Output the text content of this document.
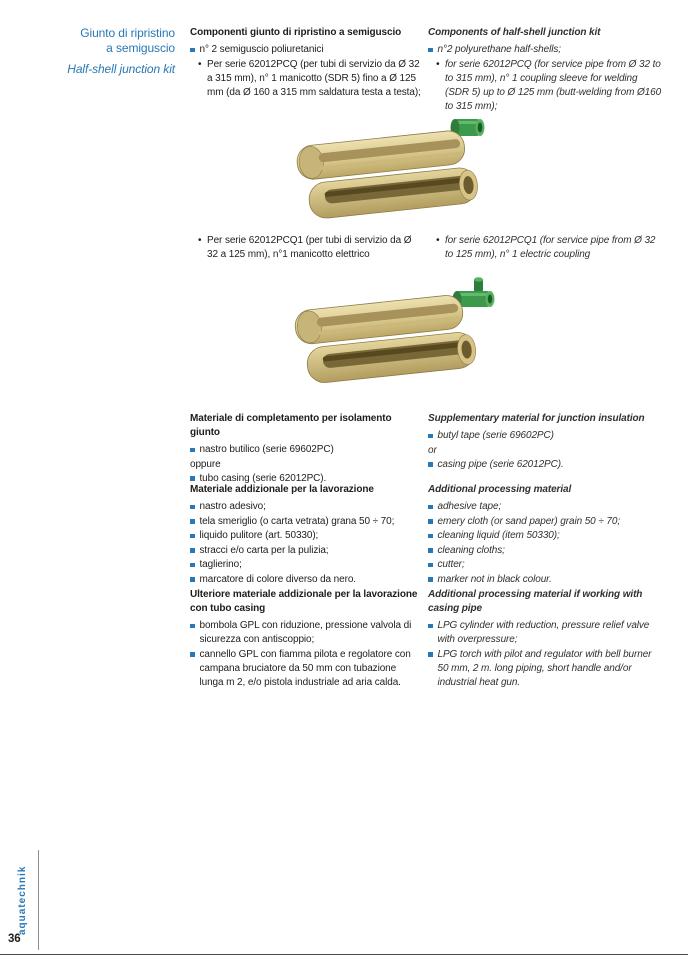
Giunto di ripristino
a semiguscio
Half-shell junction kit
Componenti giunto di ripristino a semiguscio
n° 2 semiguscio poliuretanici
• Per serie 62012PCQ (per tubi di servizio da Ø 32 a 315 mm), n° 1 manicotto (SDR 5) fino a Ø 125 mm (da Ø 160 a 315 mm saldatura testa a testa);
Components of half-shell junction kit
n°2 polyurethane half-shells;
• for serie 62012PCQ (for service pipe from Ø 32 to to 315 mm), n° 1 coupling sleeve for welding (SDR 5) up to Ø 125 mm (butt-welding from Ø160 to 315 mm);
• Per serie 62012PCQ1 (per tubi di servizio da Ø 32 a 125 mm), n°1 manicotto elettrico
• for serie 62012PCQ1 (for service pipe from Ø 32 to 125 mm), n° 1 electric coupling
Materiale di completamento per isolamento giunto
nastro butilico (serie 69602PC)
oppure
tubo casing (serie 62012PC).
Supplementary material for junction insulation
butyl tape (serie 69602PC)
or
casing pipe (serie 62012PC).
Materiale addizionale per la lavorazione
nastro adesivo;
tela smeriglio (o carta vetrata) grana 50 ÷ 70;
liquido pulitore (art. 50330);
stracci e/o carta per la pulizia;
taglierino;
marcatore di colore diverso da nero.
Additional processing material
adhesive tape;
emery cloth (or sand paper) grain 50 ÷ 70;
cleaning liquid (item 50330);
cleaning cloths;
cutter;
marker not in black colour.
Ulteriore materiale addizionale per la lavorazione con tubo casing
bombola GPL con riduzione, pressione valvola di sicurezza con antiscoppio;
cannello GPL con fiamma pilota e regolatore con campana bruciatore da 50 mm con tubazione lunga m 2, e/o pistola industriale ad aria calda.
Additional processing material if working with casing pipe
LPG cylinder with reduction, pressure relief valve with overpressure;
LPG torch with pilot and regulator with bell burner 50 mm, 2 m. long piping, short handle and/or industrial heat gun.
aquatechnik
36
